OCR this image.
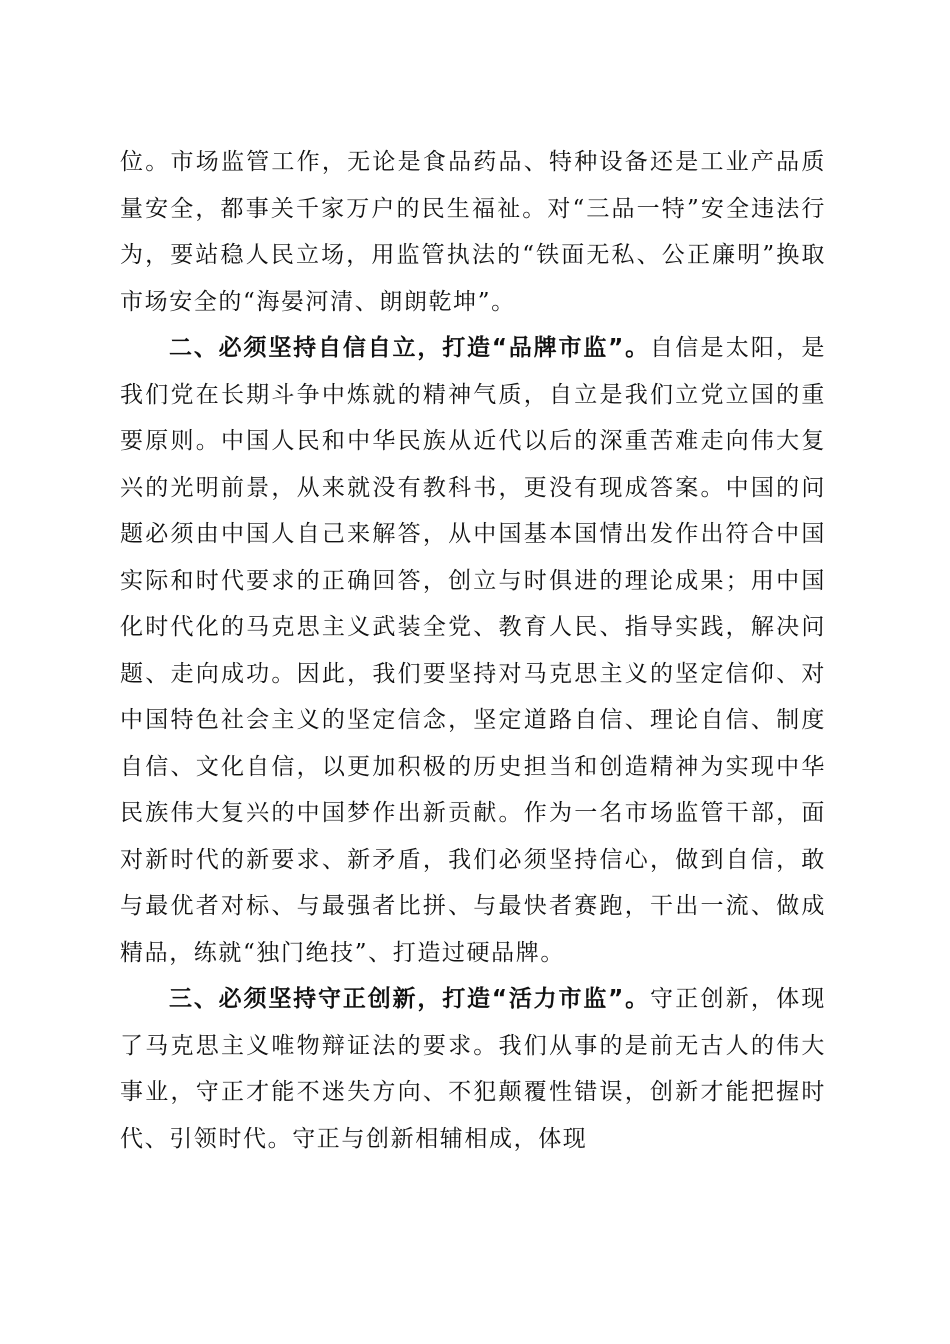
位。市场监管工作，无论是食品药品、特种设备还是工业产品质量安全，都事关千家万户的民生福祉。对“三品一特”安全违法行为，要站稳人民立场，用监管执法的“铁面无私、公正廉明”换取市场安全的“海晏河清、朗朗乾坤”。

二、必须坚持自信自立，打造“品牌市监”。自信是太阳，是我们党在长期斗争中炼就的精神气质，自立是我们立党立国的重要原则。中国人民和中华民族从近代以后的深重苦难走向伟大复兴的光明前景，从来就没有教科书，更没有现成答案。中国的问题必须由中国人自己来解答，从中国基本国情出发作出符合中国实际和时代要求的正确回答，创立与时俱进的理论成果；用中国化时代化的马克思主义武装全党、教育人民、指导实践，解决问题、走向成功。因此，我们要坚持对马克思主义的坚定信仰、对中国特色社会主义的坚定信念，坚定道路自信、理论自信、制度自信、文化自信，以更加积极的历史担当和创造精神为实现中华民族伟大复兴的中国梦作出新贡献。作为一名市场监管干部，面对新时代的新要求、新矛盾，我们必须坚持信心，做到自信，敢与最优者对标、与最强者比拼、与最快者赛跑，干出一流、做成精品，练就“独门绝技”、打造过硬品牌。

三、必须坚持守正创新，打造“活力市监”。守正创新，体现了马克思主义唯物辩证法的要求。我们从事的是前无古人的伟大事业，守正才能不迷失方向、不犯颠覆性错误，创新才能把握时代、引领时代。守正与创新相辅相成，体现
